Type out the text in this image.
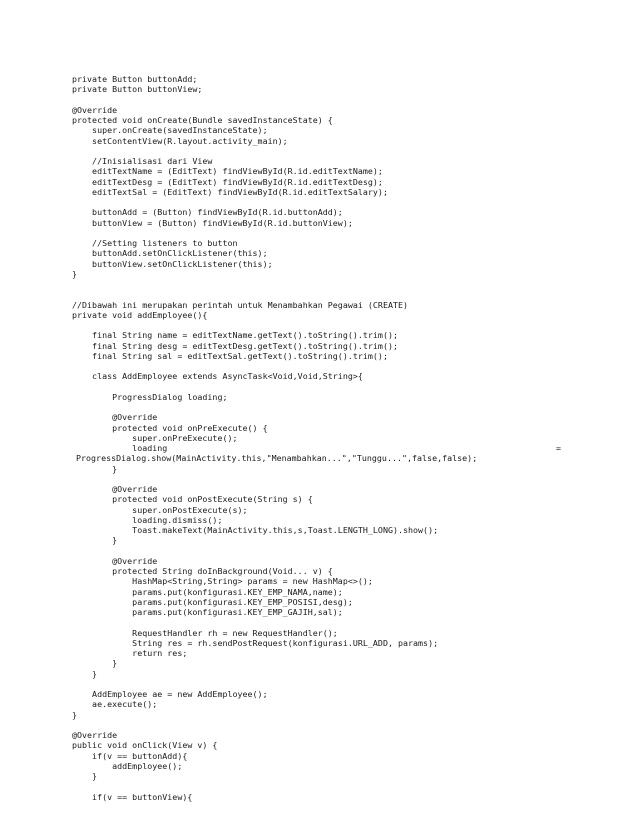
private Button buttonAdd;
private Button buttonView;
@Override
protected void onCreate(Bundle savedInstanceState) {
super.onCreate(savedInstanceState);
setContentView(R.layout.activity_main);
//Inisialisasi dari View
editTextName = (EditText) findViewById(R.id.editTextName);
editTextDesg = (EditText) findViewById(R.id.editTextDesg);
editTextSal = (EditText) findViewById(R.id.editTextSalary);
buttonAdd = (Button) findViewById(R.id.buttonAdd);
buttonView = (Button) findViewById(R.id.buttonView);
//Setting listeners to button
buttonAdd.setOnClickListener(this);
buttonView.setOnClickListener(this);
}
//Dibawah ini merupakan perintah untuk Menambahkan Pegawai (CREATE)
private void addEmployee(){
final String name = editTextName.getText().toString().trim();
final String desg = editTextDesg.getText().toString().trim();
final String sal = editTextSal.getText().toString().trim();
class AddEmployee extends AsyncTask<Void,Void,String>{
ProgressDialog loading;
@Override
protected void onPreExecute() {
super.onPreExecute();
loading	=
ProgressDialog.show(MainActivity.this,"Menambahkan...","Tunggu...",false,false);
}
@Override
protected void onPostExecute(String s) {
super.onPostExecute(s);
loading.dismiss();
Toast.makeText(MainActivity.this,s,Toast.LENGTH_LONG).show();
}
@Override
protected String doInBackground(Void... v) {
HashMap<String,String> params = new HashMap<>();
params.put(konfigurasi.KEY_EMP_NAMA,name);
params.put(konfigurasi.KEY_EMP_POSISI,desg);
params.put(konfigurasi.KEY_EMP_GAJIH,sal);
RequestHandler rh = new RequestHandler();
String res = rh.sendPostRequest(konfigurasi.URL_ADD, params);
return res;
}
}
AddEmployee ae = new AddEmployee();
ae.execute();
}
@Override
public void onClick(View v) {
if(v == buttonAdd){
addEmployee();
}
if(v == buttonView){
